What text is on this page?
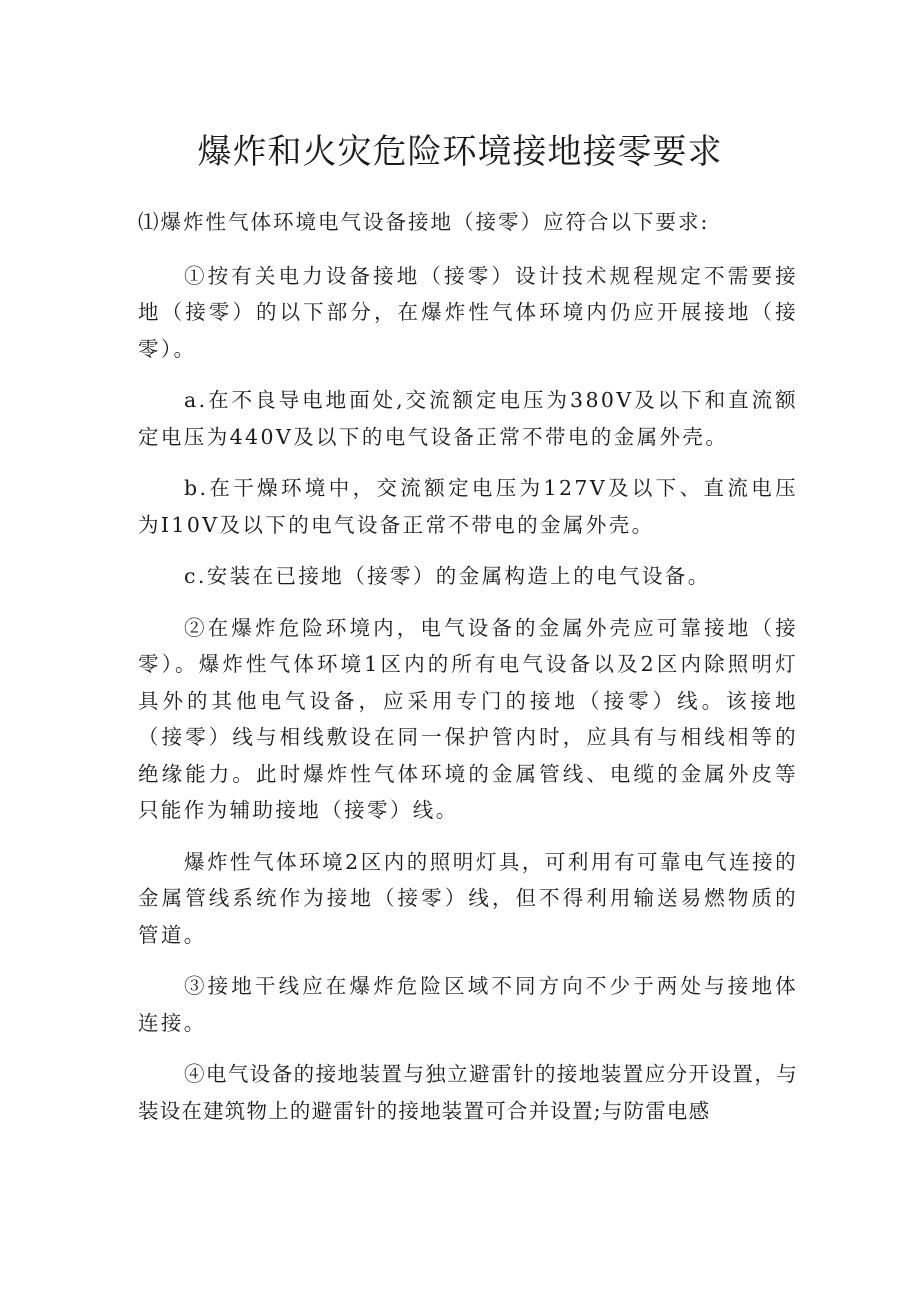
爆炸和火灾危险环境接地接零要求

⑴爆炸性气体环境电气设备接地（接零）应符合以下要求:

①按有关电力设备接地（接零）设计技术规程规定不需要接地（接零）的以下部分，在爆炸性气体环境内仍应开展接地（接零）。

a.在不良导电地面处,交流额定电压为380V及以下和直流额定电压为440V及以下的电气设备正常不带电的金属外壳。

b.在干燥环境中，交流额定电压为127V及以下、直流电压为I10V及以下的电气设备正常不带电的金属外壳。

c.安装在已接地（接零）的金属构造上的电气设备。

②在爆炸危险环境内，电气设备的金属外壳应可靠接地（接零）。爆炸性气体环境1区内的所有电气设备以及2区内除照明灯具外的其他电气设备，应采用专门的接地（接零）线。该接地（接零）线与相线敷设在同一保护管内时，应具有与相线相等的绝缘能力。此时爆炸性气体环境的金属管线、电缆的金属外皮等只能作为辅助接地（接零）线。

爆炸性气体环境2区内的照明灯具，可利用有可靠电气连接的金属管线系统作为接地（接零）线，但不得利用输送易燃物质的管道。

③接地干线应在爆炸危险区域不同方向不少于两处与接地体连接。

④电气设备的接地装置与独立避雷针的接地装置应分开设置，与装设在建筑物上的避雷针的接地装置可合并设置;与防雷电感
